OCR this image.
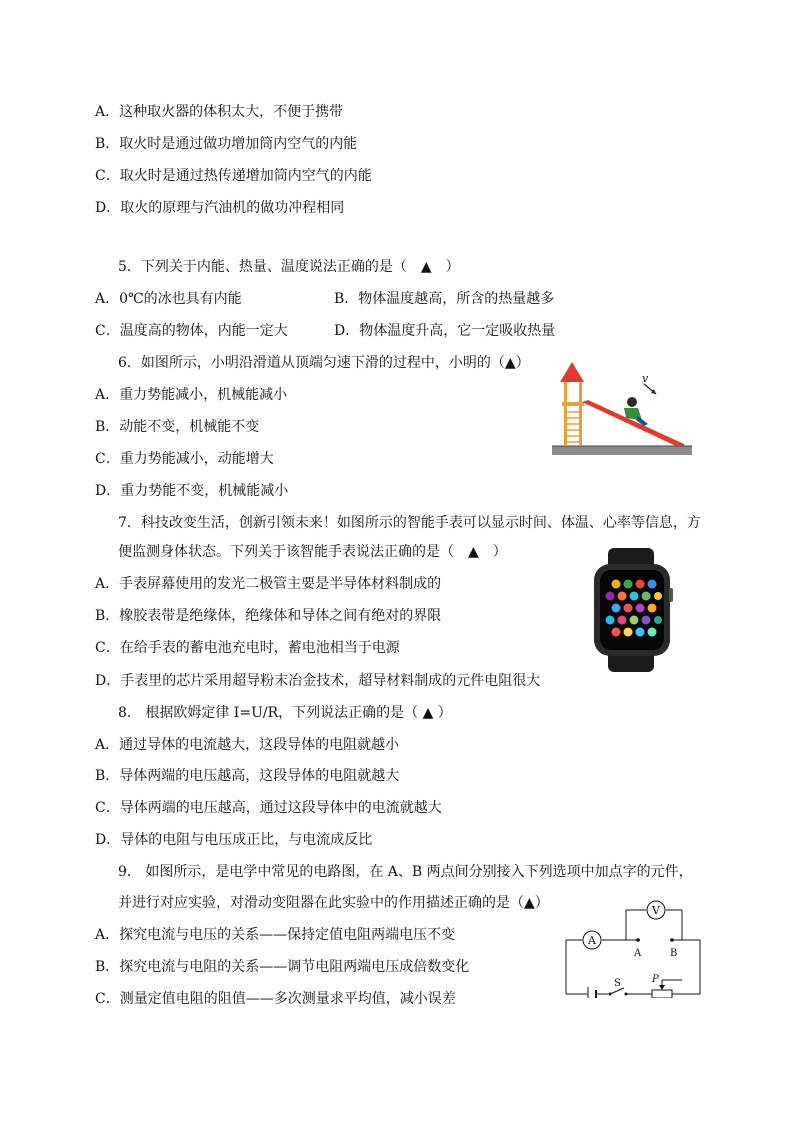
A．这种取火器的体积太大，不便于携带
B．取火时是通过做功增加筒内空气的内能
C．取火时是通过热传递增加筒内空气的内能
D．取火的原理与汽油机的做功冲程相同
5．下列关于内能、热量、温度说法正确的是（　▲　）
A．0℃的冰也具有内能	B．物体温度越高，所含的热量越多
C．温度高的物体，内能一定大	D．物体温度升高，它一定吸收热量
6．如图所示，小明沿滑道从顶端匀速下滑的过程中，小明的（▲）
A．重力势能减小，机械能减小
B．动能不变，机械能不变
C．重力势能减小，动能增大
D．重力势能不变，机械能减小
v
7．科技改变生活，创新引领未来！如图所示的智能手表可以显示时间、体温、心率等信息，方
便监测身体状态。下列关于该智能手表说法正确的是（　▲　）
A．手表屏幕使用的发光二极管主要是半导体材料制成的
B．橡胶表带是绝缘体，绝缘体和导体之间有绝对的界限
C．在给手表的蓄电池充电时，蓄电池相当于电源
D．手表里的芯片采用超导粉末冶金技术，超导材料制成的元件电阻很大
8． 根据欧姆定律 I=U/R，下列说法正确的是（ ▲ ）
A．通过导体的电流越大，这段导体的电阻就越小
B．导体两端的电压越高，这段导体的电阻就越大
C．导体两端的电压越高，通过这段导体中的电流就越大
D．导体的电阻与电压成正比，与电流成反比
9． 如图所示，是电学中常见的电路图，在 A、B 两点间分别接入下列选项中加点字的元件，
并进行对应实验，对滑动变阻器在此实验中的作用描述正确的是（▲）
A．探究电流与电压的关系——保持定值电阻两端电压不变
B．探究电流与电阻的关系——调节电阻两端电压成倍数变化
C．测量定值电阻的阻值——多次测量求平均值，减小误差
A
V
A	B
S	P
